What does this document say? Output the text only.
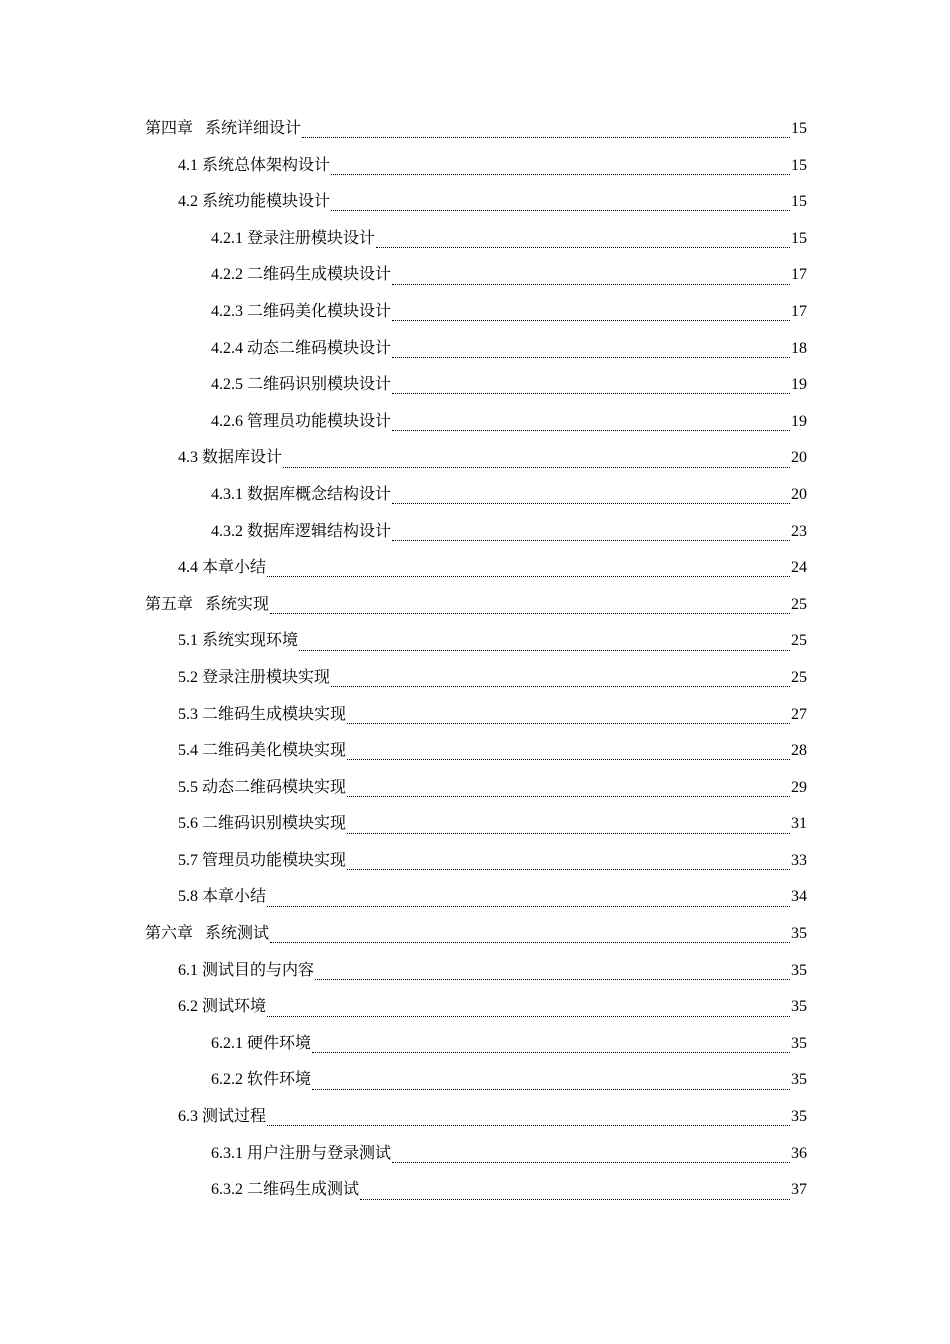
第四章 系统详细设计	15
4.1 系统总体架构设计	15
4.2 系统功能模块设计	15
4.2.1 登录注册模块设计	15
4.2.2 二维码生成模块设计	17
4.2.3 二维码美化模块设计	17
4.2.4 动态二维码模块设计	18
4.2.5 二维码识别模块设计	19
4.2.6 管理员功能模块设计	19
4.3 数据库设计	20
4.3.1 数据库概念结构设计	20
4.3.2 数据库逻辑结构设计	23
4.4 本章小结	24
第五章 系统实现	25
5.1 系统实现环境	25
5.2 登录注册模块实现	25
5.3 二维码生成模块实现	27
5.4 二维码美化模块实现	28
5.5 动态二维码模块实现	29
5.6 二维码识别模块实现	31
5.7 管理员功能模块实现	33
5.8 本章小结	34
第六章 系统测试	35
6.1 测试目的与内容	35
6.2 测试环境	35
6.2.1 硬件环境	35
6.2.2 软件环境	35
6.3 测试过程	35
6.3.1 用户注册与登录测试	36
6.3.2 二维码生成测试	37
